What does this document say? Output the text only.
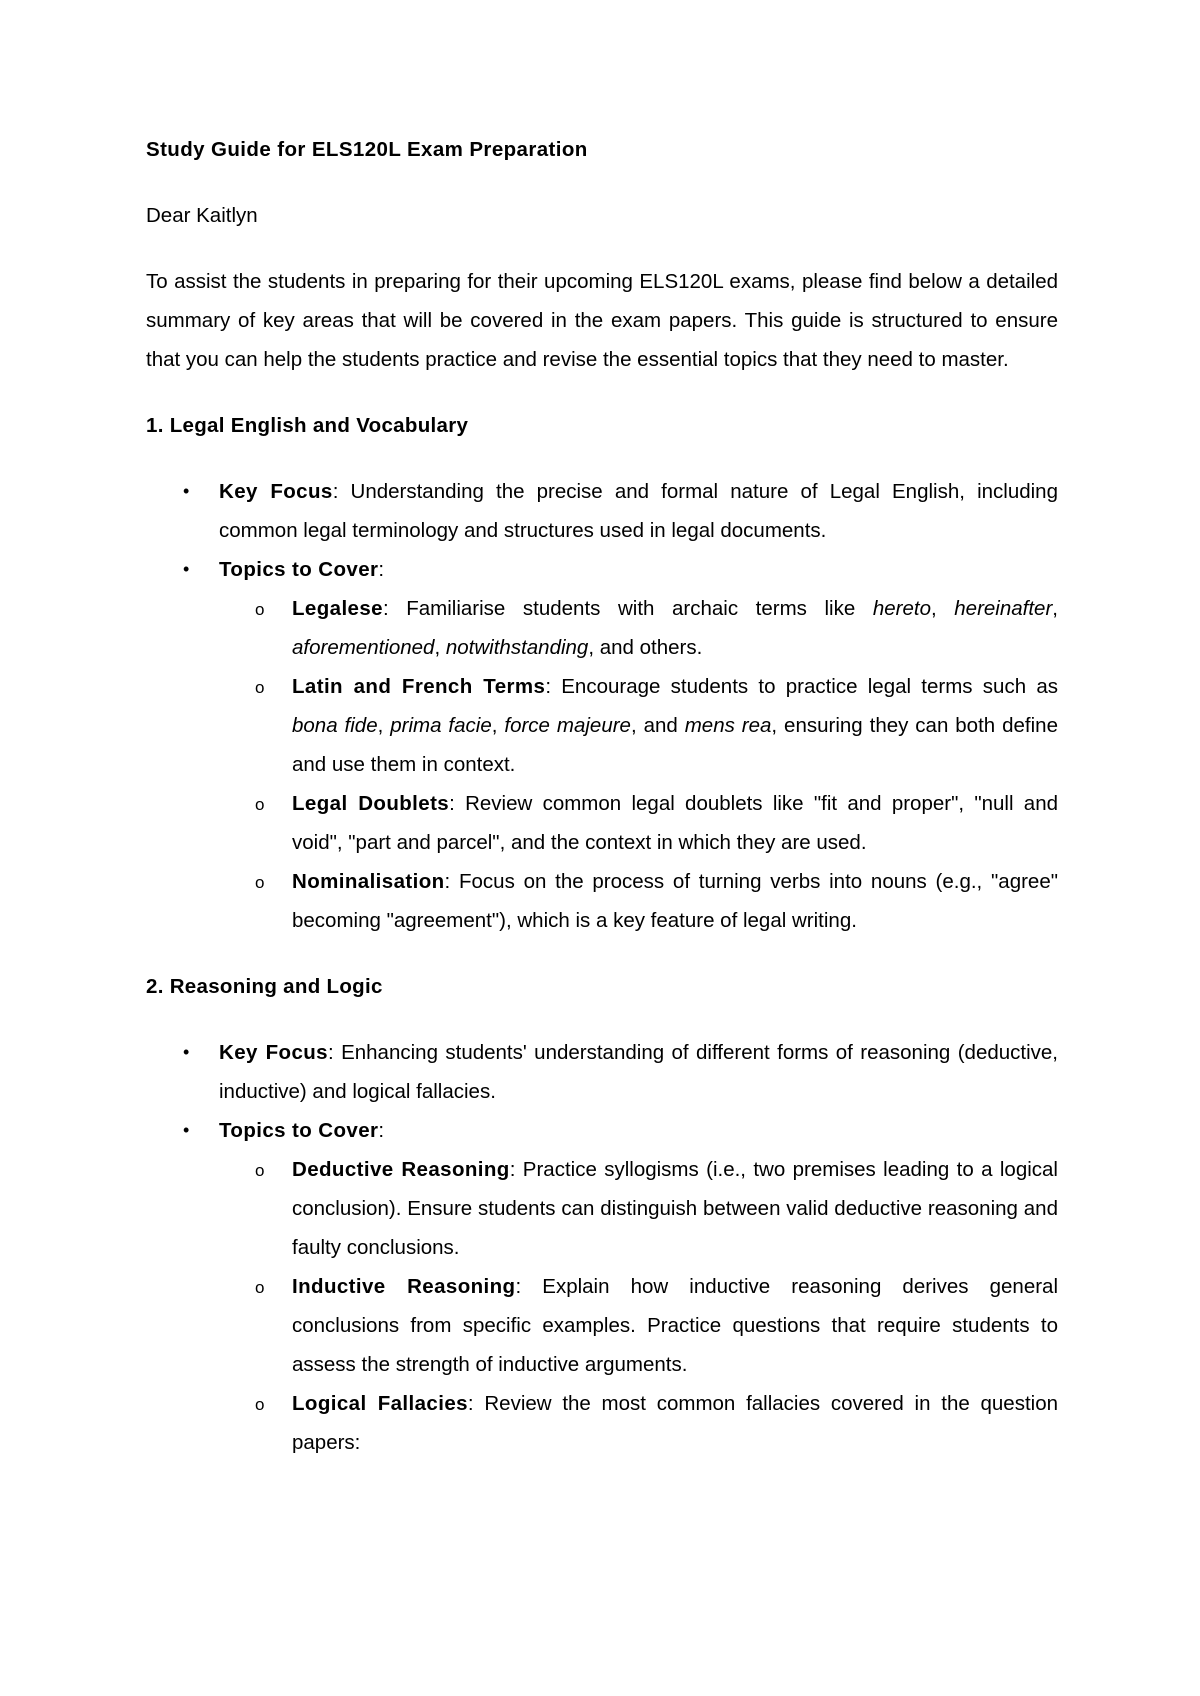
Study Guide for ELS120L Exam Preparation
Dear Kaitlyn
To assist the students in preparing for their upcoming ELS120L exams, please find below a detailed summary of key areas that will be covered in the exam papers. This guide is structured to ensure that you can help the students practice and revise the essential topics that they need to master.
1. Legal English and Vocabulary
• Key Focus: Understanding the precise and formal nature of Legal English, including common legal terminology and structures used in legal documents.
• Topics to Cover:
o Legalese: Familiarise students with archaic terms like hereto, hereinafter, aforementioned, notwithstanding, and others.
o Latin and French Terms: Encourage students to practice legal terms such as bona fide, prima facie, force majeure, and mens rea, ensuring they can both define and use them in context.
o Legal Doublets: Review common legal doublets like "fit and proper", "null and void", "part and parcel", and the context in which they are used.
o Nominalisation: Focus on the process of turning verbs into nouns (e.g., "agree" becoming "agreement"), which is a key feature of legal writing.
2. Reasoning and Logic
• Key Focus: Enhancing students' understanding of different forms of reasoning (deductive, inductive) and logical fallacies.
• Topics to Cover:
o Deductive Reasoning: Practice syllogisms (i.e., two premises leading to a logical conclusion). Ensure students can distinguish between valid deductive reasoning and faulty conclusions.
o Inductive Reasoning: Explain how inductive reasoning derives general conclusions from specific examples. Practice questions that require students to assess the strength of inductive arguments.
o Logical Fallacies: Review the most common fallacies covered in the question papers:
